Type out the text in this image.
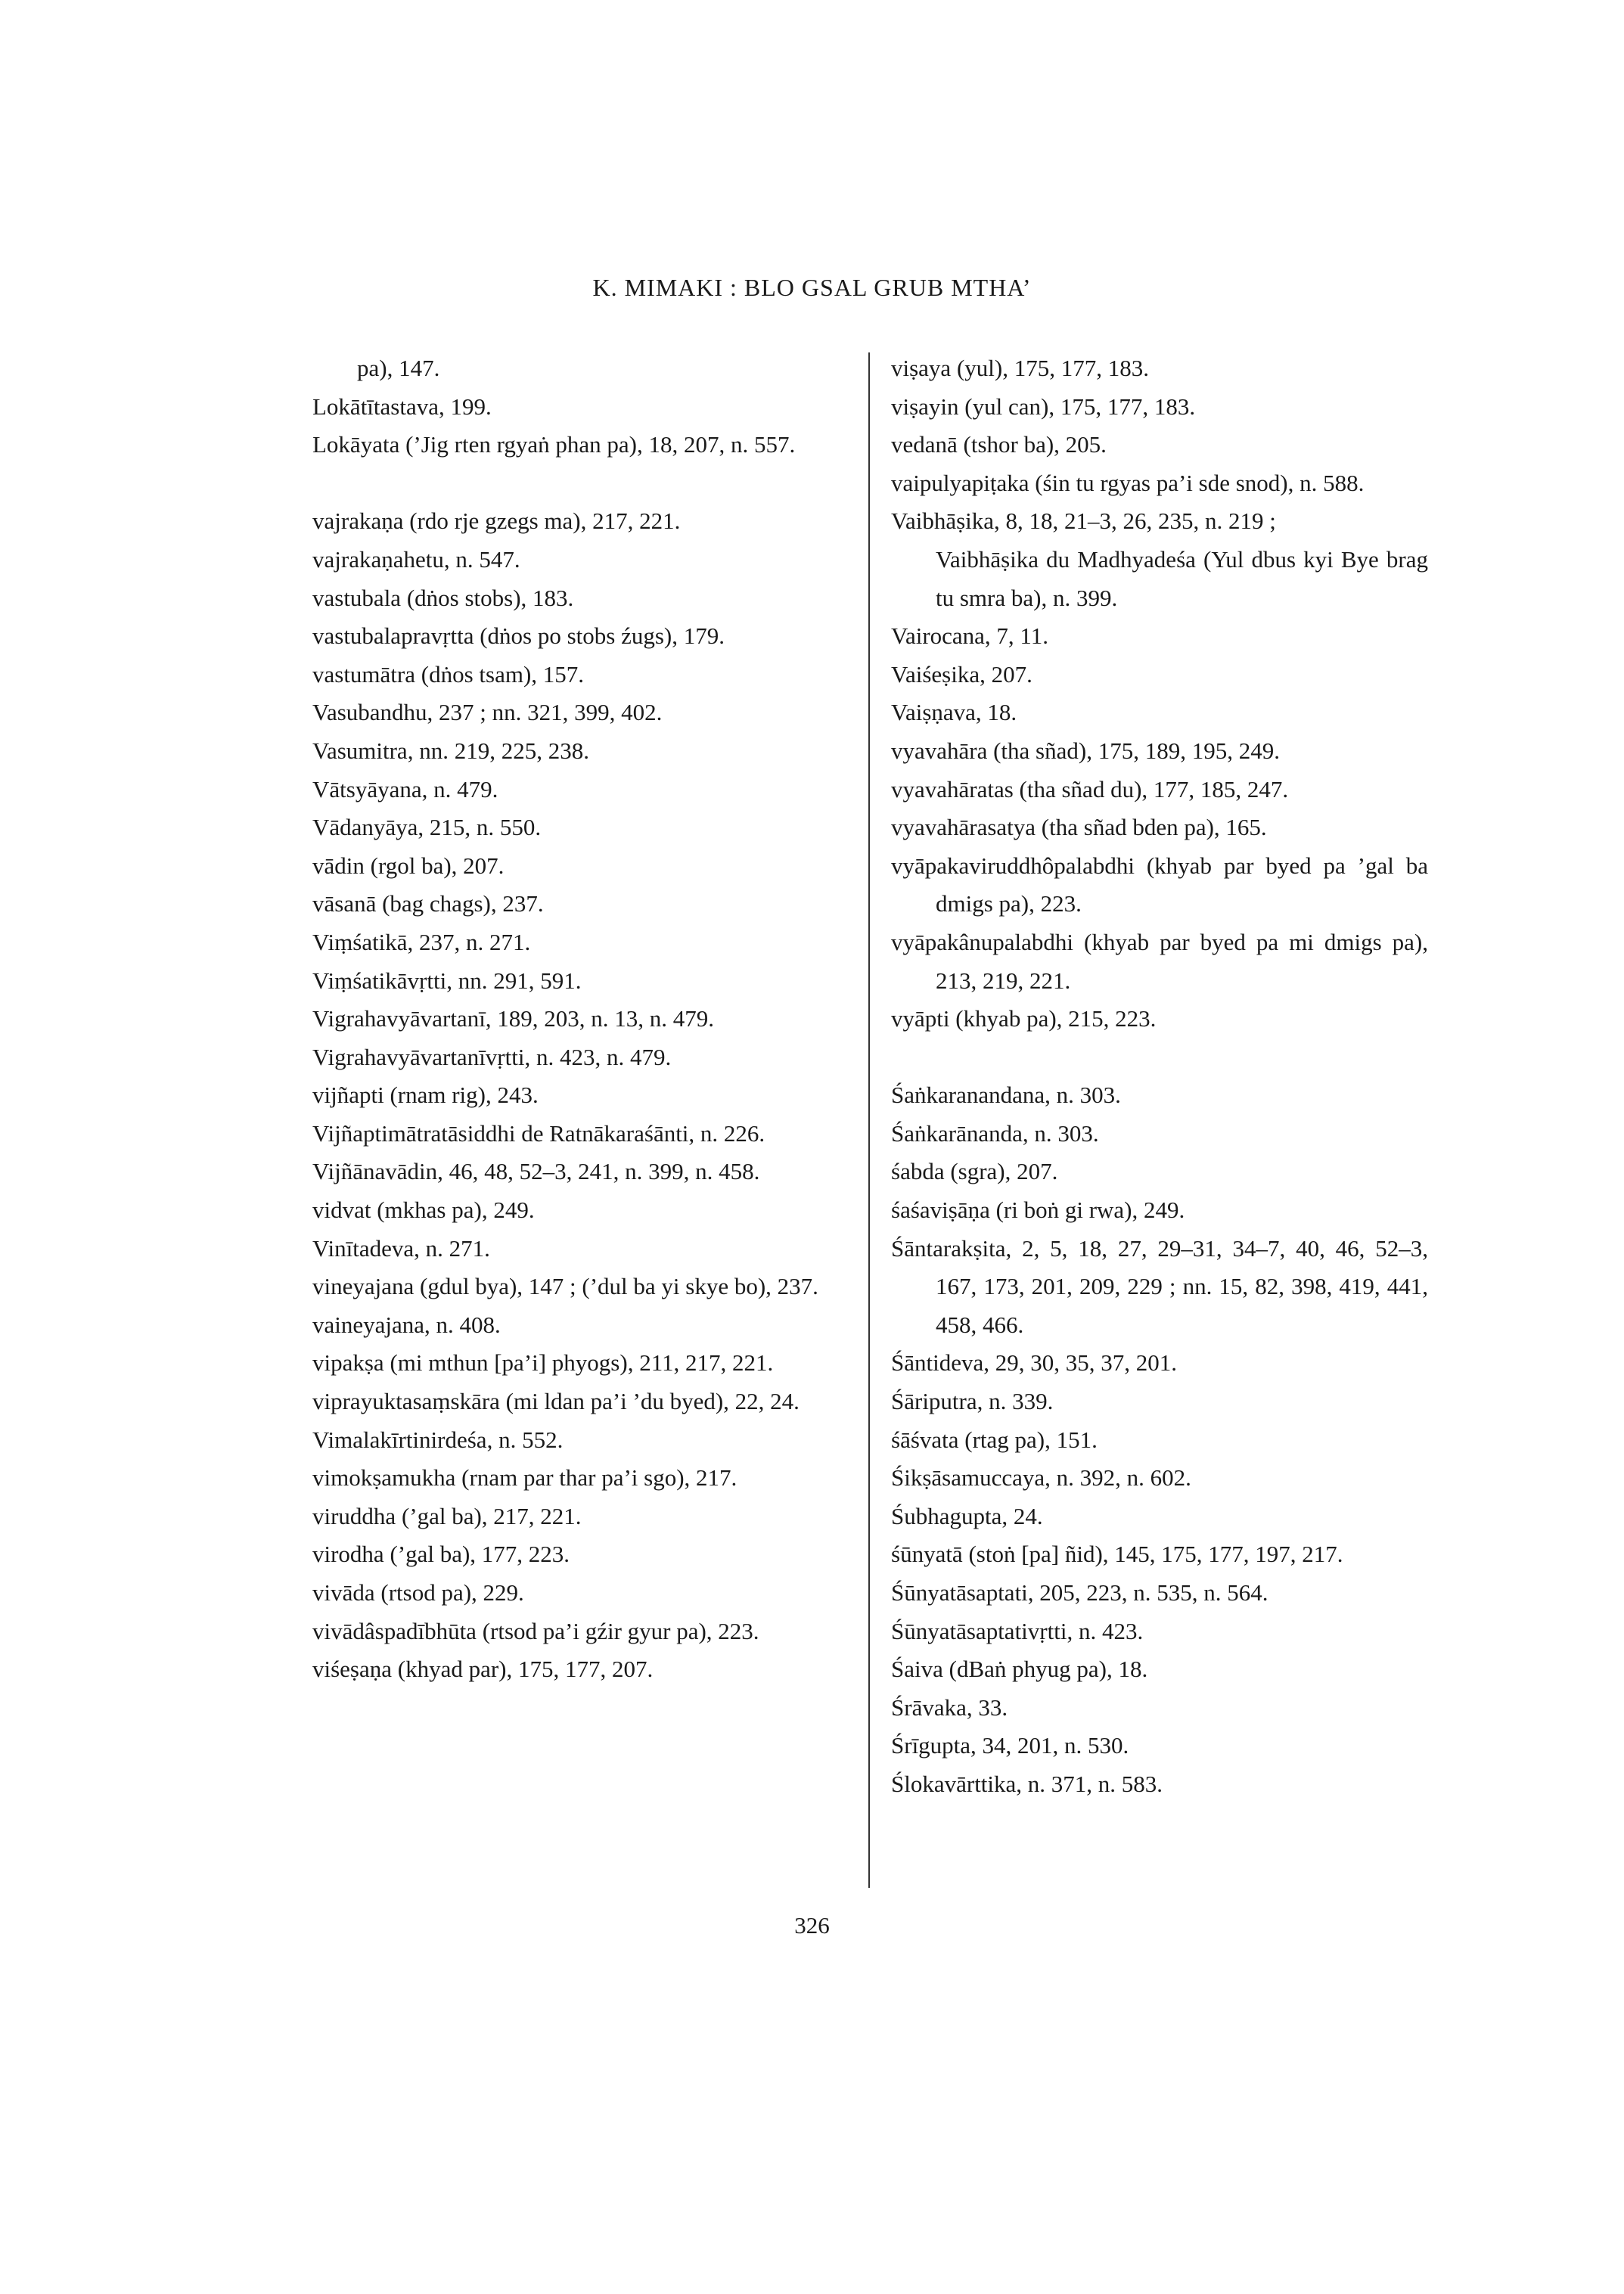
K. MIMAKI : BLO GSAL GRUB MTHA’

pa), 147.

Lokātītastava, 199.

Lokāyata (’Jig rten rgyaṅ phan pa), 18, 207, n. 557.

vajrakaṇa (rdo rje gzegs ma), 217, 221.

vajrakaṇahetu, n. 547.

vastubala (dṅos stobs), 183.

vastubalapravṛtta (dṅos po stobs źugs), 179.

vastumātra (dṅos tsam), 157.

Vasubandhu, 237 ; nn. 321, 399, 402.

Vasumitra, nn. 219, 225, 238.

Vātsyāyana, n. 479.

Vādanyāya, 215, n. 550.

vādin (rgol ba), 207.

vāsanā (bag chags), 237.

Viṃśatikā, 237, n. 271.

Viṃśatikāvṛtti, nn. 291, 591.

Vigrahavyāvartanī, 189, 203, n. 13, n. 479.

Vigrahavyāvartanīvṛtti, n. 423, n. 479.

vijñapti (rnam rig), 243.

Vijñaptimātratāsiddhi de Ratnākaraśānti, n. 226.

Vijñānavādin, 46, 48, 52–3, 241, n. 399, n. 458.

vidvat (mkhas pa), 249.

Vinītadeva, n. 271.

vineyajana (gdul bya), 147 ; (’dul ba yi skye bo), 237.

vaineyajana, n. 408.

vipakṣa (mi mthun [pa’i] phyogs), 211, 217, 221.

viprayuktasaṃskāra (mi ldan pa’i ’du byed), 22, 24.

Vimalakīrtinirdeśa, n. 552.

vimokṣamukha (rnam par thar pa’i sgo), 217.

viruddha (’gal ba), 217, 221.

virodha (’gal ba), 177, 223.

vivāda (rtsod pa), 229.

vivādâspadībhūta (rtsod pa’i gźir gyur pa), 223.

viśeṣaṇa (khyad par), 175, 177, 207.

viṣaya (yul), 175, 177, 183.

viṣayin (yul can), 175, 177, 183.

vedanā (tshor ba), 205.

vaipulyapiṭaka (śin tu rgyas pa’i sde snod), n. 588.

Vaibhāṣika, 8, 18, 21–3, 26, 235, n. 219 ;

Vaibhāṣika du Madhyadeśa (Yul dbus kyi Bye brag tu smra ba), n. 399.

Vairocana, 7, 11.

Vaiśeṣika, 207.

Vaiṣṇava, 18.

vyavahāra (tha sñad), 175, 189, 195, 249.

vyavahāratas (tha sñad du), 177, 185, 247.

vyavahārasatya (tha sñad bden pa), 165.

vyāpakaviruddhôpalabdhi (khyab par byed pa ’gal ba dmigs pa), 223.

vyāpakânupalabdhi (khyab par byed pa mi dmigs pa), 213, 219, 221.

vyāpti (khyab pa), 215, 223.

Śaṅkaranandana, n. 303.

Śaṅkarānanda, n. 303.

śabda (sgra), 207.

śaśaviṣāṇa (ri boṅ gi rwa), 249.

Śāntarakṣita, 2, 5, 18, 27, 29–31, 34–7, 40, 46, 52–3, 167, 173, 201, 209, 229 ; nn. 15, 82, 398, 419, 441, 458, 466.

Śāntideva, 29, 30, 35, 37, 201.

Śāriputra, n. 339.

śāśvata (rtag pa), 151.

Śikṣāsamuccaya, n. 392, n. 602.

Śubhagupta, 24.

śūnyatā (stoṅ [pa] ñid), 145, 175, 177, 197, 217.

Śūnyatāsaptati, 205, 223, n. 535, n. 564.

Śūnyatāsaptativṛtti, n. 423.

Śaiva (dBaṅ phyug pa), 18.

Śrāvaka, 33.

Śrīgupta, 34, 201, n. 530.

Ślokavārttika, n. 371, n. 583.

326
